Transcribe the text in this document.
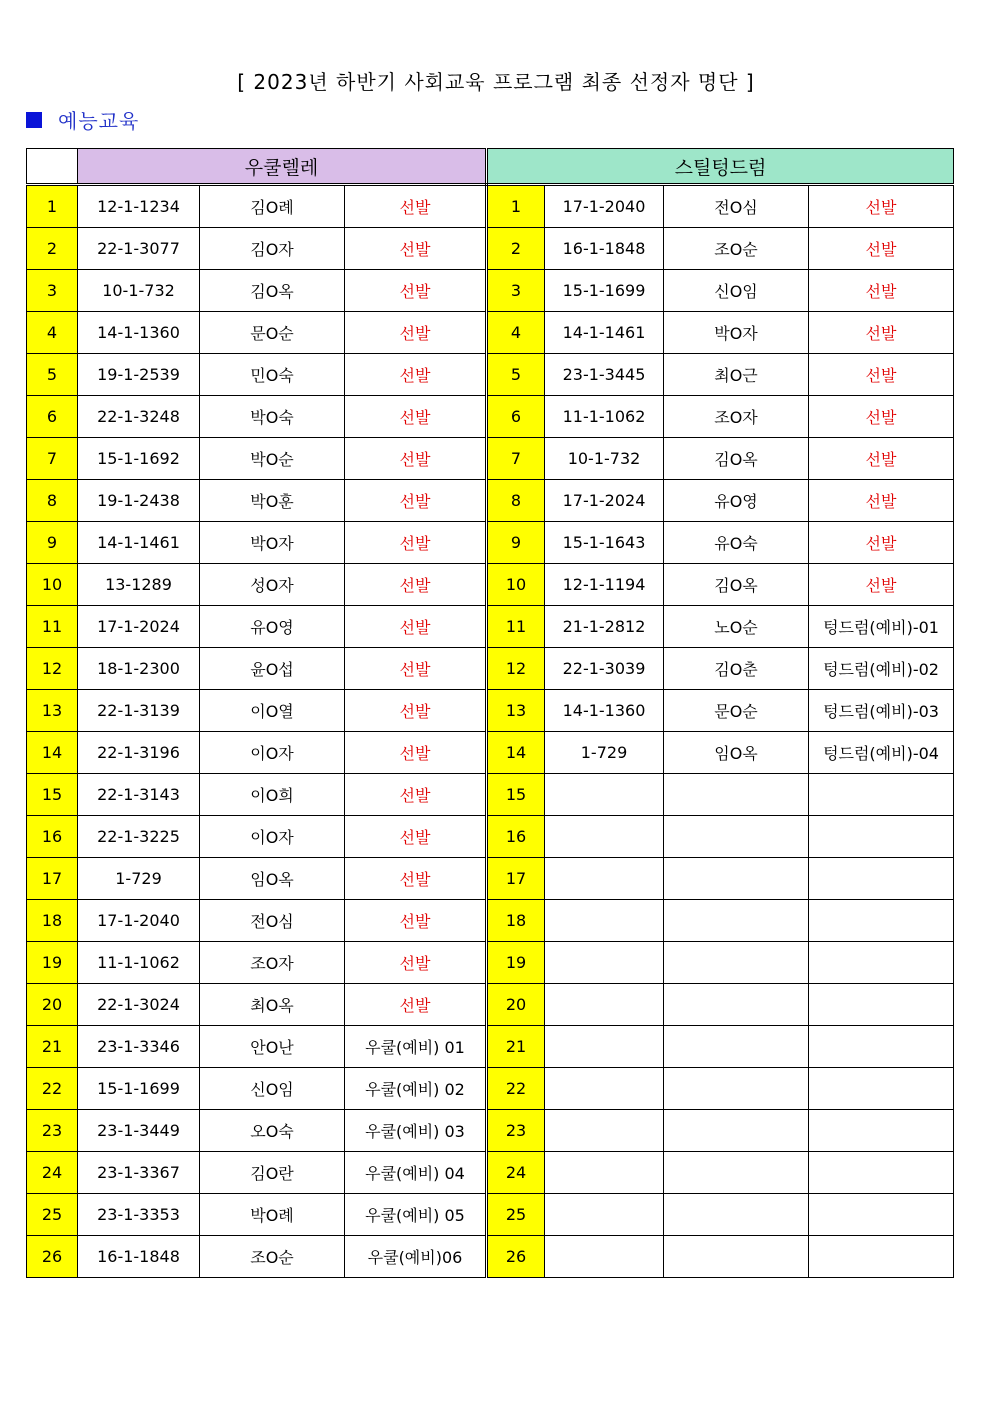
[ 2023년 하반기 사회교육 프로그램 최종 선정자 명단 ]
예능교육
	우쿨렐레			스틸텅드럼			
1	12-1-1234	김O례	선발	1	17-1-2040	전O심	선발
2	22-1-3077	김O자	선발	2	16-1-1848	조O순	선발
3	10-1-732	김O옥	선발	3	15-1-1699	신O임	선발
4	14-1-1360	문O순	선발	4	14-1-1461	박O자	선발
5	19-1-2539	민O숙	선발	5	23-1-3445	최O근	선발
6	22-1-3248	박O숙	선발	6	11-1-1062	조O자	선발
7	15-1-1692	박O순	선발	7	10-1-732	김O옥	선발
8	19-1-2438	박O훈	선발	8	17-1-2024	유O영	선발
9	14-1-1461	박O자	선발	9	15-1-1643	유O숙	선발
10	13-1289	성O자	선발	10	12-1-1194	김O옥	선발
11	17-1-2024	유O영	선발	11	21-1-2812	노O순	텅드럼(예비)-01
12	18-1-2300	윤O섭	선발	12	22-1-3039	김O춘	텅드럼(예비)-02
13	22-1-3139	이O열	선발	13	14-1-1360	문O순	텅드럼(예비)-03
14	22-1-3196	이O자	선발	14	1-729	임O옥	텅드럼(예비)-04
15	22-1-3143	이O희	선발	15			
16	22-1-3225	이O자	선발	16			
17	1-729	임O옥	선발	17			
18	17-1-2040	전O심	선발	18			
19	11-1-1062	조O자	선발	19			
20	22-1-3024	최O옥	선발	20			
21	23-1-3346	안O난	우쿨(예비) 01	21			
22	15-1-1699	신O임	우쿨(예비) 02	22			
23	23-1-3449	오O숙	우쿨(예비) 03	23			
24	23-1-3367	김O란	우쿨(예비) 04	24			
25	23-1-3353	박O례	우쿨(예비) 05	25			
26	16-1-1848	조O순	우쿨(예비)06	26			
